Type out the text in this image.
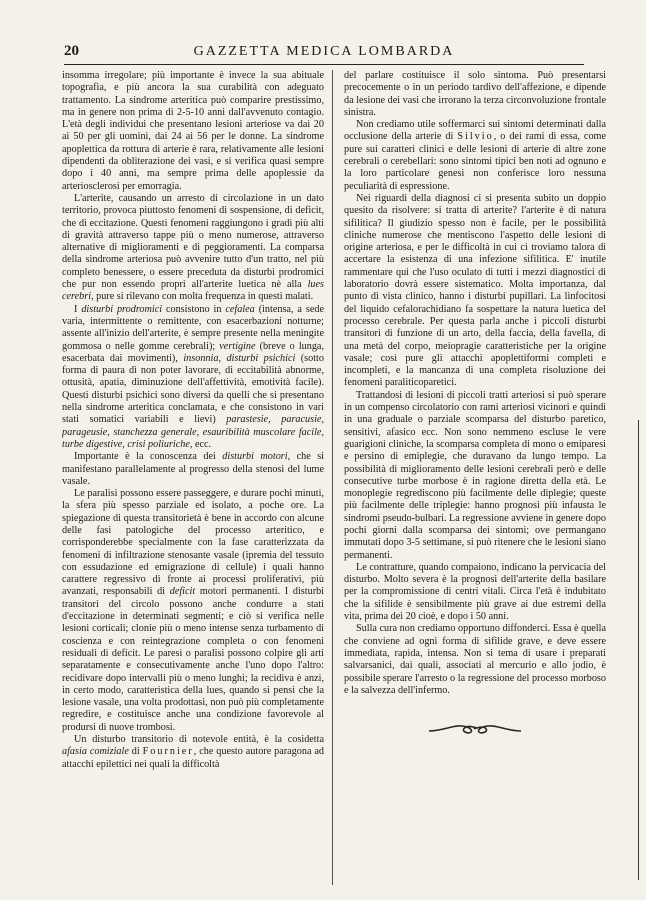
20	GAZZETTA MEDICA LOMBARDA

insomma irregolare; più importante è invece la sua abituale topografia, e più ancora la sua curabilità con adeguato trattamento. La sindrome arteritica può comparire prestissimo, ma in genere non prima di 2-5-10 anni dall'avvenuto contagio. L'età degli individui che presentano lesioni arteriose va dai 20 ai 50 per gli uomini, dai 24 ai 56 per le donne. La sindrome apoplettica da rottura di arterie è rara, relativamente alle lesioni dipendenti da obliterazione dei vasi, e si verifica quasi sempre dopo i 40 anni, ma sempre prima delle apoplessie da arteriosclerosi per emorragia.

L'arterite, causando un arresto di circolazione in un dato territorio, provoca piuttosto fenomeni di sospensione, di deficit, che di eccitazione. Questi fenomeni raggiungono i gradi più alti di gravità attraverso tappe più o meno numerose, attraverso alternative di miglioramenti e di peggioramenti. La comparsa della sindrome arteriosa può avvenire tutto d'un tratto, nel più completo benessere, o essere preceduta da disturbi prodromici che pur non essendo propri all'arterite luetica nè alla lues cerebri, pure si rilevano con molta frequenza in questi malati.

I disturbi prodromici consistono in cefalea (intensa, a sede varia, intermittente o remittente, con esacerbazioni notturne; assente all'inizio dell'arterite, è sempre presente nella meningite gommosa o nelle gomme cerebrali); vertigine (breve o lunga, esacerbata dai movimenti), insonnia, disturbi psichici (sotto forma di paura di non poter lavorare, di eccitabilità abnorme, ottusità, apatia, diminuzione dell'affettività, emotività facile). Questi disturbi psichici sono diversi da quelli che si presentano nella sindrome arteritica conclamata, e che consistono in vari stati somatici variabili e lievi) parastesie, paracusie, parageusie, stanchezza generale, esauribilità muscolare facile, turbe digestive, crisi poliuriche, ecc.

Importante è la conoscenza dei disturbi motori, che si manifestano parallelamente al progresso della stenosi del lume vasale.

Le paralisi possono essere passeggere, e durare pochi minuti, la sfera più spesso parziale ed isolato, a poche ore. La spiegazione di questa transitorietà è bene in accordo con alcune delle fasi patologiche del processo arteritico, e corrisponderebbe specialmente con la fase caratterizzata da fenomeni di infiltrazione stenosante vasale (ipremia del tessuto con essudazione ed emigrazione di cellule) i quali hanno carattere regressivo di fronte ai processi proliferativi, più avanzati, responsabili di deficit motori permanenti. I disturbi transitori del circolo possono anche condurre a stati d'eccitazione in determinati segmenti; e ciò si verifica nelle lesioni corticali; clonie più o meno intense senza turbamento di coscienza e con reintegrazione completa o con fenomeni residuali di deficit. Le paresi o paralisi possono colpire gli arti separatamente e consecutivamente anche l'uno dopo l'altro: recidivare dopo intervalli più o meno lunghi; la recidiva è anzi, in certo modo, caratteristica della lues, quando si pensi che la lesione vasale, una volta prodottasi, non può più completamente regredire, e costituisce anche una condizione favorevole al prodursi di nuove trombosi.

Un disturbo transitorio di notevole entità, è la cosidetta afasia comiziale di Fournier, che questo autore paragona ad attacchi epilettici nei quali la difficoltà

del parlare costituisce il solo sintoma. Può presentarsi precocemente o in un periodo tardivo dell'affezione, e dipende da lesione dei vasi che irrorano la terza circonvoluzione frontale sinistra.

Non crediamo utile soffermarci sui sintomi determinati dalla occlusione della arterie di Silvio, o dei rami di essa, come pure sui caratteri clinici e delle lesioni di arterie di altre zone cerebrali o cerebellari: sono sintomi tipici ben noti ad ognuno e la loro particolare genesi non conferisce loro nessuna peculiarità di espressione.

Nei riguardi della diagnosi ci si presenta subito un doppio quesito da risolvere: si tratta di arterite? l'arterite è di natura sifilitica? Il giudizio spesso non è facile, per le possibilità cliniche numerose che mentiscono l'aspetto delle lesioni di origine arteriosa, e per le difficoltà in cui ci troviamo talora di accertare la esistenza di una infezione sifilitica. E' inutile rammentare qui che l'uso oculato di tutti i mezzi diagnostici di laboratorio dovrà essere sistematico. Molta importanza, dal punto di vista clinico, hanno i disturbi pupillari. La linfocitosi del liquido cefalorachidiano fa sospettare la natura luetica del processo cerebrale. Per questa parla anche i piccoli disturbi transitori di funzione di un arto, della faccia, della favella, di una metà del corpo, meiopragie caratteristiche per la origine vasale; così pure gli attacchi apoplettiformi completi e incompleti, e la mancanza di una completa risoluzione dei fenomeni paraliticoparetici.

Trattandosi di lesioni di piccoli tratti arteriosi si può sperare in un compenso circolatorio con rami arteriosi vicinori e quindi in una graduale o parziale scomparsa del disturbo paretico, sensitivi, afasico ecc. Non sono nemmeno escluse le vere guarigioni cliniche, la scomparsa completa di mono o emiparesi e persino di emiplegie, che duravano da lungo tempo. La possibilità di miglioramento delle lesioni cerebrali però e delle consecutive turbe morbose è in ragione diretta della età. Le monoplegie regrediscono più facilmente delle diplegie; queste più facilmente delle triplegie: hanno prognosi più infausta le sindromi pseudo-bulbari. La regressione avviene in genere dopo pochi giorni dalla scomparsa dei sintomi; ove permangano immutati dopo 3-5 settimane, si può ritenere che le lesioni siano permanenti.

Le contratture, quando compaiono, indicano la pervicacia del disturbo. Molto severa è la prognosi dell'arterite della basilare per la compromissione di centri vitali. Circa l'età è indubitato che la sifilide è sensibilmente più grave ai due estremi della vita, prima dei 20 cioè, e dopo i 50 anni.

Sulla cura non crediamo opportuno diffonderci. Essa è quella che conviene ad ogni forma di sifilide grave, e deve essere immediata, rapida, intensa. Non si tema di usare i preparati salvarsanici, dai quali, associati al mercurio e allo jodio, è possibile sperare l'arresto o la regressione del processo morboso e la salvezza dell'infermo.
